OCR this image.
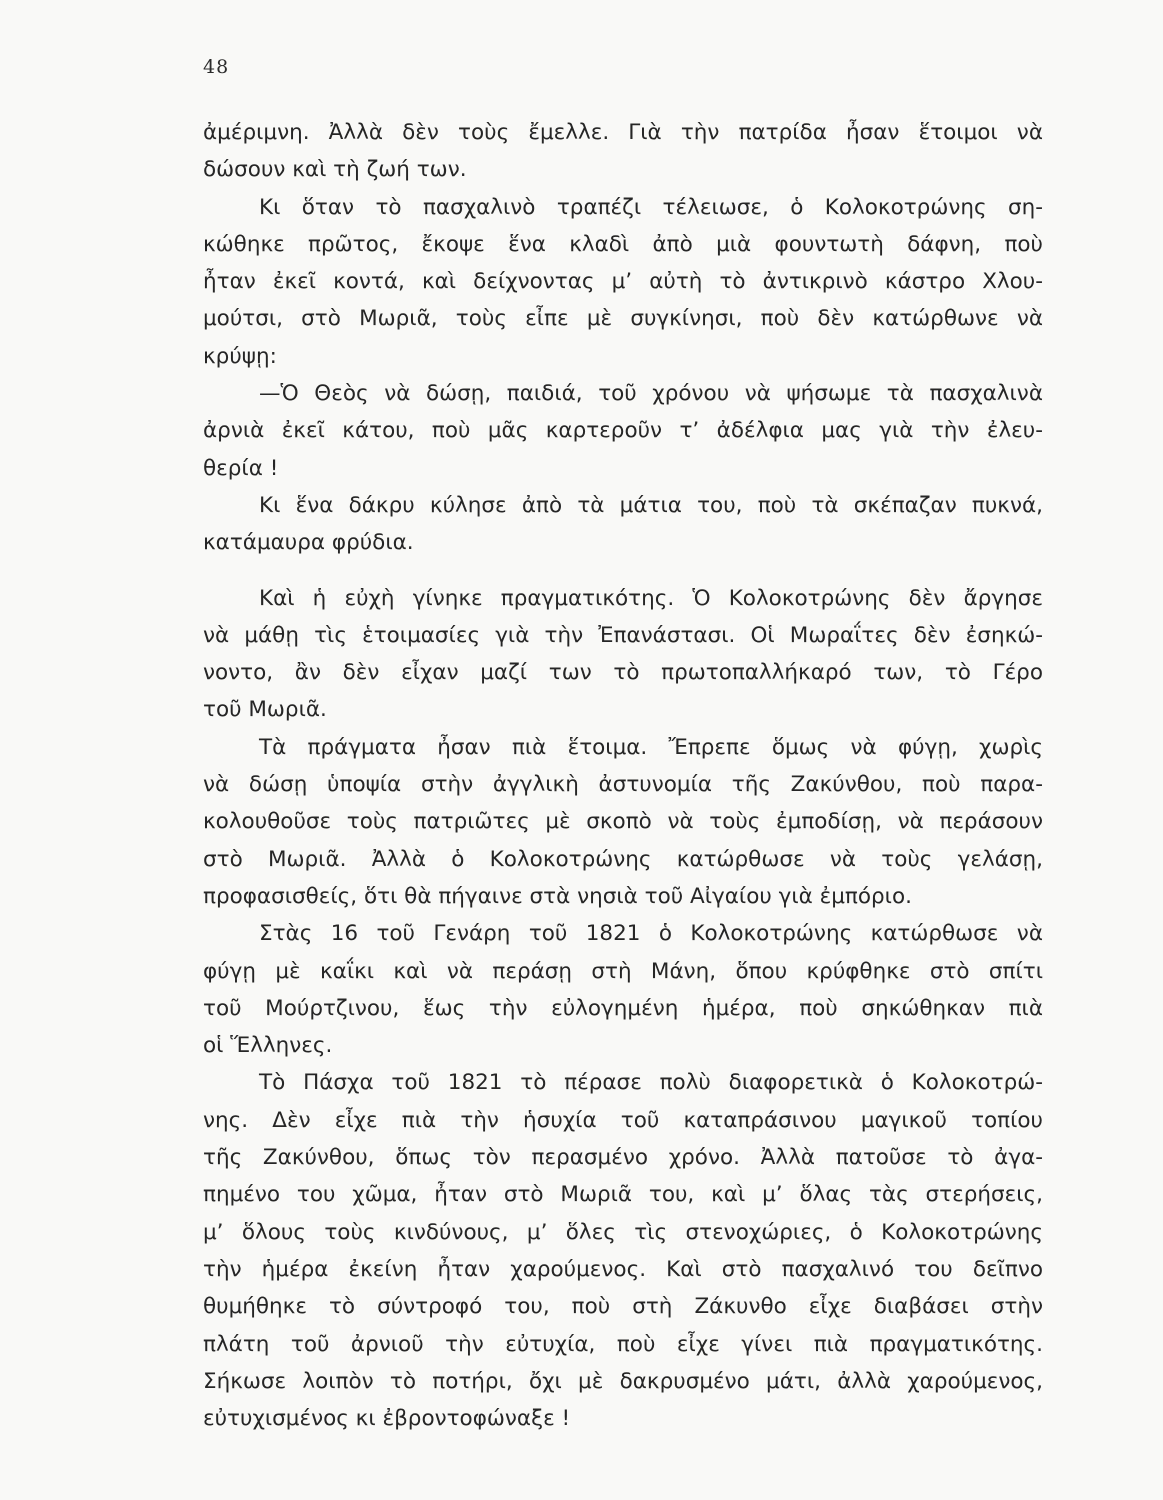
48
ἀμέριμνη. Ἀλλὰ δὲν τοὺς ἔμελλε. Γιὰ τὴν πατρίδα ἦσαν ἕτοιμοι νὰ
δώσουν καὶ τὴ ζωή των.
Κι ὅταν τὸ πασχαλινὸ τραπέζι τέλειωσε, ὁ Κολοκοτρώνης ση-
κώθηκε πρῶτος, ἔκοψε ἕνα κλαδὶ ἀπὸ μιὰ φουντωτὴ δάφνη, ποὺ
ἦταν ἐκεῖ κοντά, καὶ δείχνοντας μ’ αὐτὴ τὸ ἀντικρινὸ κάστρο Χλου-
μούτσι, στὸ Μωριᾶ, τοὺς εἶπε μὲ συγκίνησι, ποὺ δὲν κατώρθωνε νὰ
κρύψῃ:
—Ὁ Θεὸς νὰ δώσῃ, παιδιά, τοῦ χρόνου νὰ ψήσωμε τὰ πασχαλινὰ
ἀρνιὰ ἐκεῖ κάτου, ποὺ μᾶς καρτεροῦν τ’ ἀδέλφια μας γιὰ τὴν ἐλευ-
θερία !
Κι ἕνα δάκρυ κύλησε ἀπὸ τὰ μάτια του, ποὺ τὰ σκέπαζαν πυκνά,
κατάμαυρα φρύδια.
Καὶ ἡ εὐχὴ γίνηκε πραγματικότης. Ὁ Κολοκοτρώνης δὲν ἄργησε
νὰ μάθῃ τὶς ἑτοιμασίες γιὰ τὴν Ἐπανάστασι. Οἱ Μωραΐτες δὲν ἐσηκώ-
νοντο, ἂν δὲν εἶχαν μαζί των τὸ πρωτοπαλλήκαρό των, τὸ Γέρο
τοῦ Μωριᾶ.
Τὰ πράγματα ἦσαν πιὰ ἕτοιμα. Ἔπρεπε ὅμως νὰ φύγῃ, χωρὶς
νὰ δώσῃ ὑποψία στὴν ἀγγλικὴ ἀστυνομία τῆς Ζακύνθου, ποὺ παρα-
κολουθοῦσε τοὺς πατριῶτες μὲ σκοπὸ νὰ τοὺς ἐμποδίσῃ, νὰ περάσουν
στὸ Μωριᾶ. Ἀλλὰ ὁ Κολοκοτρώνης κατώρθωσε νὰ τοὺς γελάσῃ,
προφασισθείς, ὅτι θὰ πήγαινε στὰ νησιὰ τοῦ Αἰγαίου γιὰ ἐμπόριο.
Στὰς 16 τοῦ Γενάρη τοῦ 1821 ὁ Κολοκοτρώνης κατώρθωσε νὰ
φύγῃ μὲ καΐκι καὶ νὰ περάσῃ στὴ Μάνη, ὅπου κρύφθηκε στὸ σπίτι
τοῦ Μούρτζινου, ἕως τὴν εὐλογημένη ἡμέρα, ποὺ σηκώθηκαν πιὰ
οἱ Ἕλληνες.
Τὸ Πάσχα τοῦ 1821 τὸ πέρασε πολὺ διαφορετικὰ ὁ Κολοκοτρώ-
νης. Δὲν εἶχε πιὰ τὴν ἡσυχία τοῦ καταπράσινου μαγικοῦ τοπίου
τῆς Ζακύνθου, ὅπως τὸν περασμένο χρόνο. Ἀλλὰ πατοῦσε τὸ ἀγα-
πημένο του χῶμα, ἦταν στὸ Μωριᾶ του, καὶ μ’ ὅλας τὰς στερήσεις,
μ’ ὅλους τοὺς κινδύνους, μ’ ὅλες τὶς στενοχώριες, ὁ Κολοκοτρώνης
τὴν ἡμέρα ἐκείνη ἦταν χαρούμενος. Καὶ στὸ πασχαλινό του δεῖπνο
θυμήθηκε τὸ σύντροφό του, ποὺ στὴ Ζάκυνθο εἶχε διαβάσει στὴν
πλάτη τοῦ ἀρνιοῦ τὴν εὐτυχία, ποὺ εἶχε γίνει πιὰ πραγματικότης.
Σήκωσε λοιπὸν τὸ ποτήρι, ὄχι μὲ δακρυσμένο μάτι, ἀλλὰ χαρούμενος,
εὐτυχισμένος κι ἐβροντοφώναξε !
